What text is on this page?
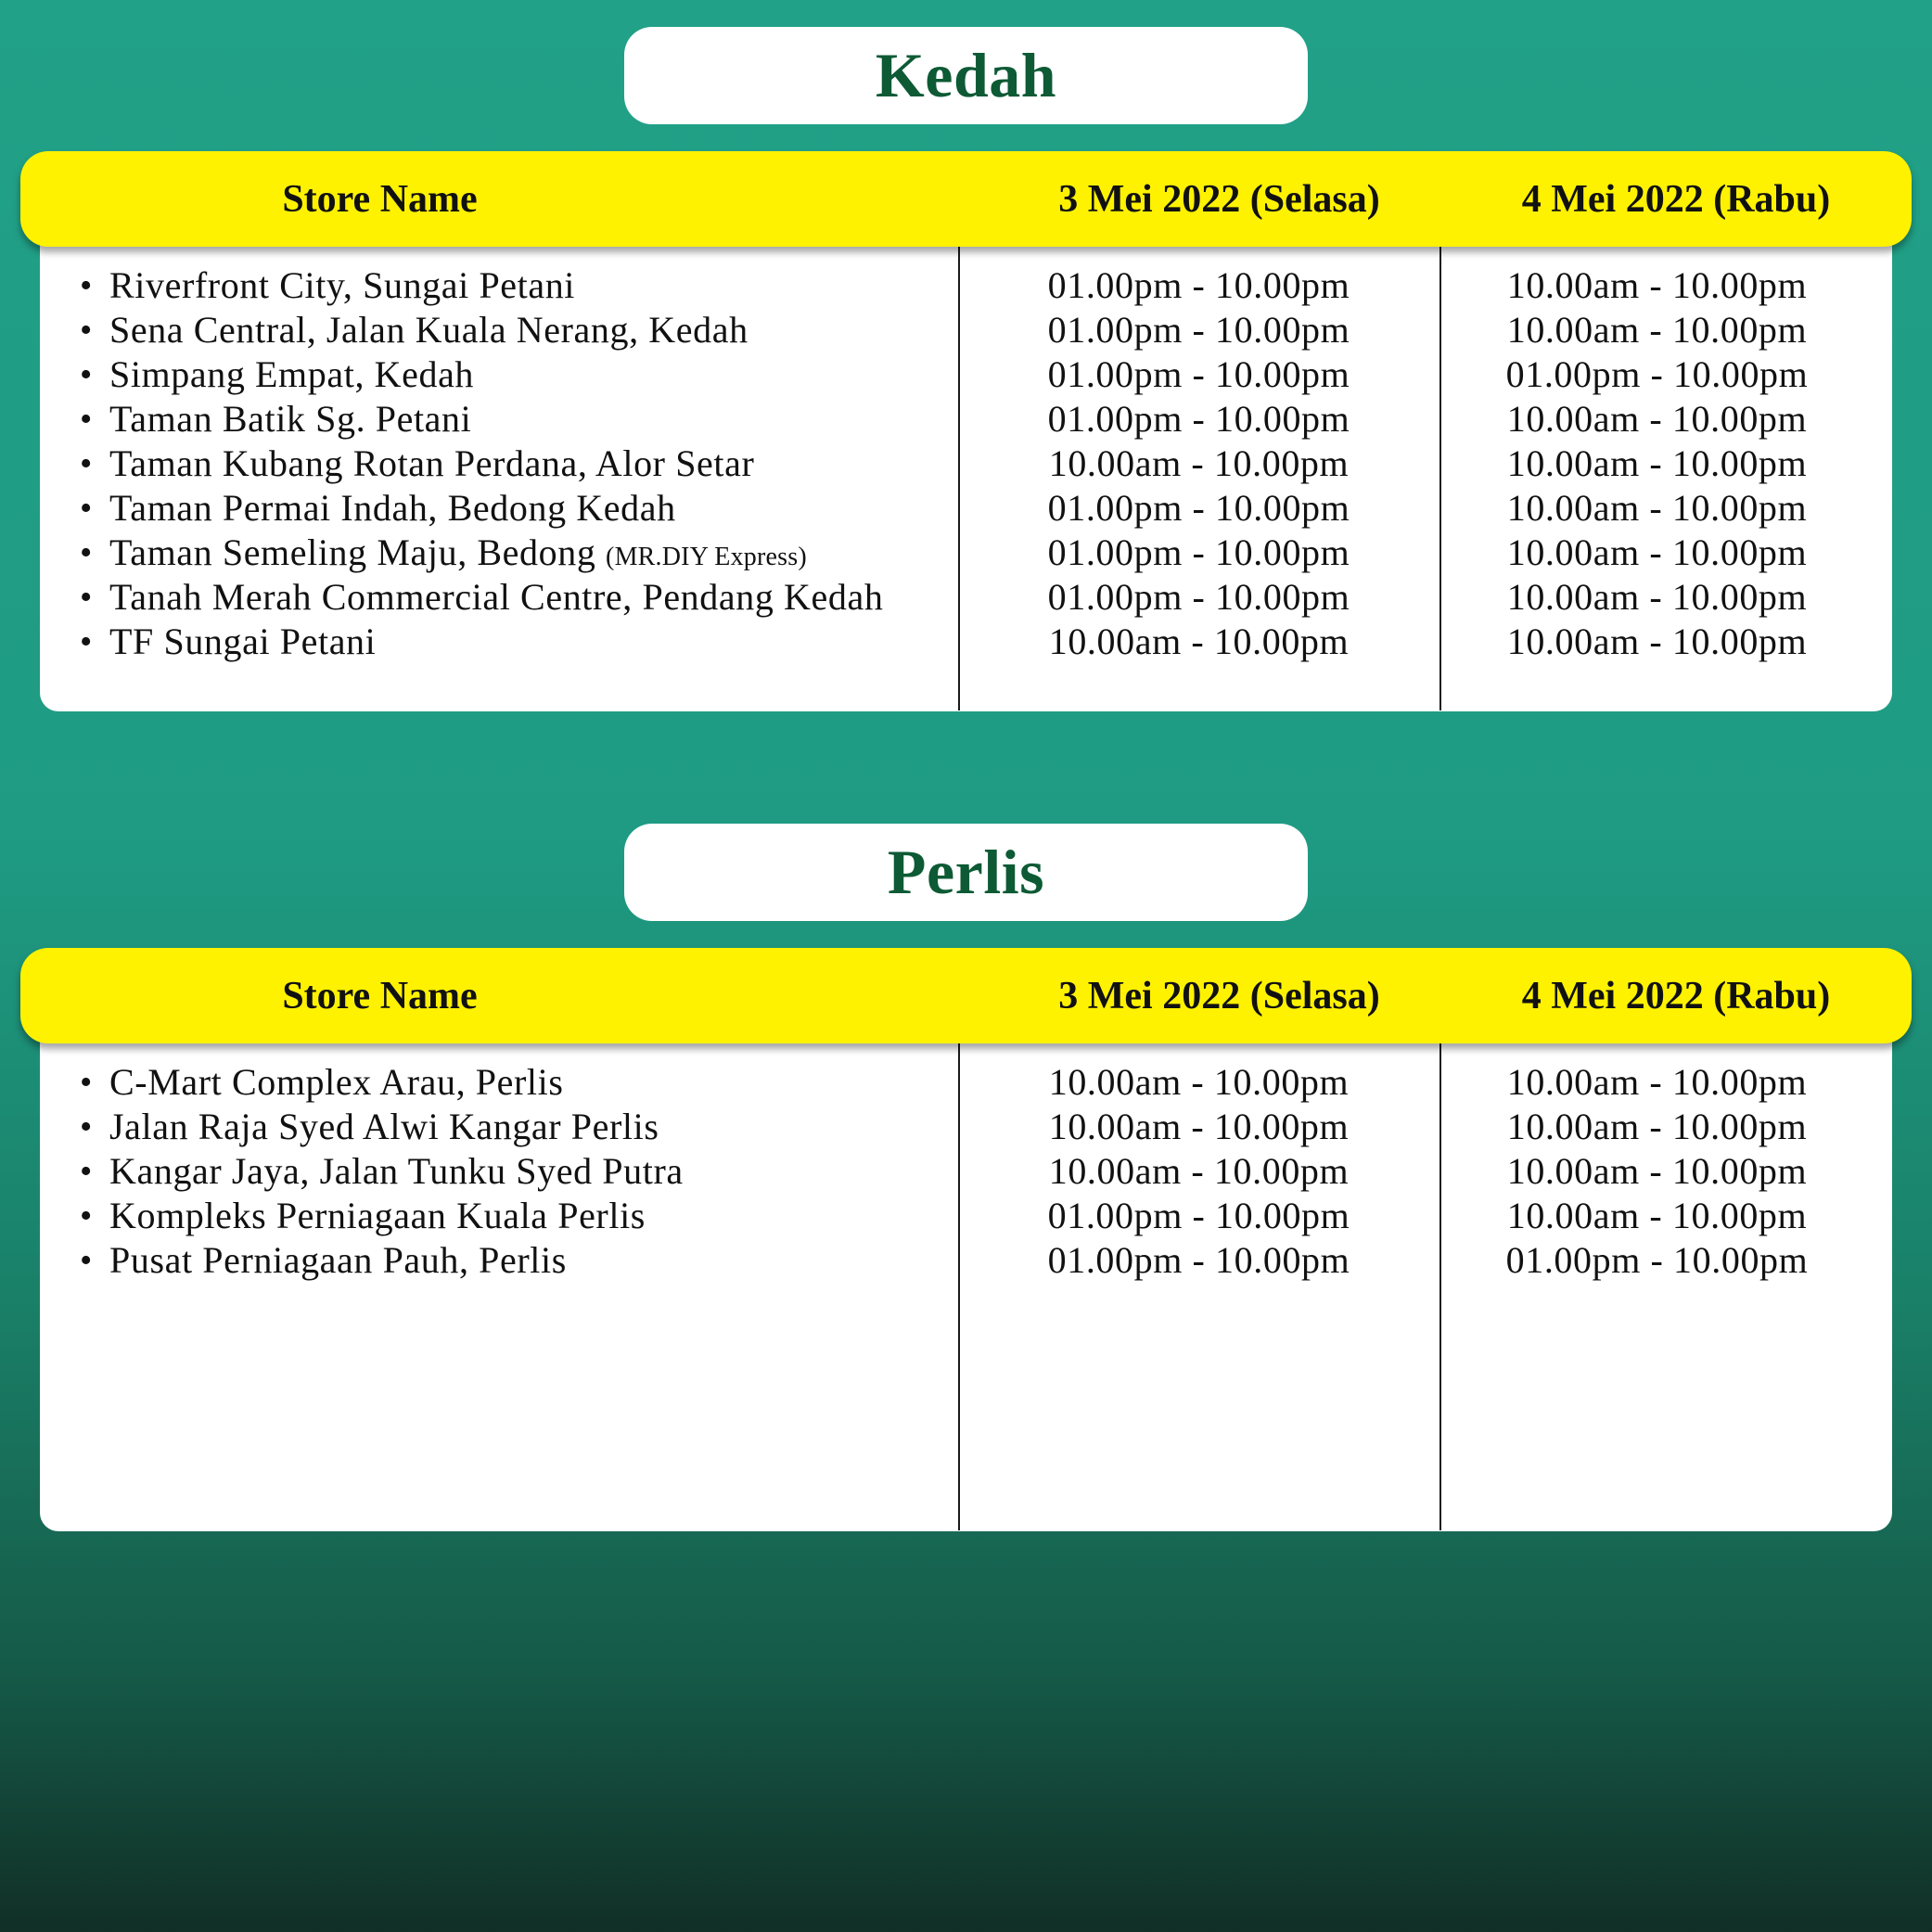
Kedah
Store Name	3 Mei 2022 (Selasa)	4 Mei 2022 (Rabu)
• Riverfront City, Sungai Petani	01.00pm - 10.00pm	10.00am - 10.00pm
• Sena Central, Jalan Kuala Nerang, Kedah	01.00pm - 10.00pm	10.00am - 10.00pm
• Simpang Empat, Kedah	01.00pm - 10.00pm	01.00pm - 10.00pm
• Taman Batik Sg. Petani	01.00pm - 10.00pm	10.00am - 10.00pm
• Taman Kubang Rotan Perdana, Alor Setar	10.00am - 10.00pm	10.00am - 10.00pm
• Taman Permai Indah, Bedong Kedah	01.00pm - 10.00pm	10.00am - 10.00pm
• Taman Semeling Maju, Bedong (MR.DIY Express)	01.00pm - 10.00pm	10.00am - 10.00pm
• Tanah Merah Commercial Centre, Pendang Kedah	01.00pm - 10.00pm	10.00am - 10.00pm
• TF Sungai Petani	10.00am - 10.00pm	10.00am - 10.00pm
Perlis
Store Name	3 Mei 2022 (Selasa)	4 Mei 2022 (Rabu)
• C-Mart Complex Arau, Perlis	10.00am - 10.00pm	10.00am - 10.00pm
• Jalan Raja Syed Alwi Kangar Perlis	10.00am - 10.00pm	10.00am - 10.00pm
• Kangar Jaya, Jalan Tunku Syed Putra	10.00am - 10.00pm	10.00am - 10.00pm
• Kompleks Perniagaan Kuala Perlis	01.00pm - 10.00pm	10.00am - 10.00pm
• Pusat Perniagaan Pauh, Perlis	01.00pm - 10.00pm	01.00pm - 10.00pm
